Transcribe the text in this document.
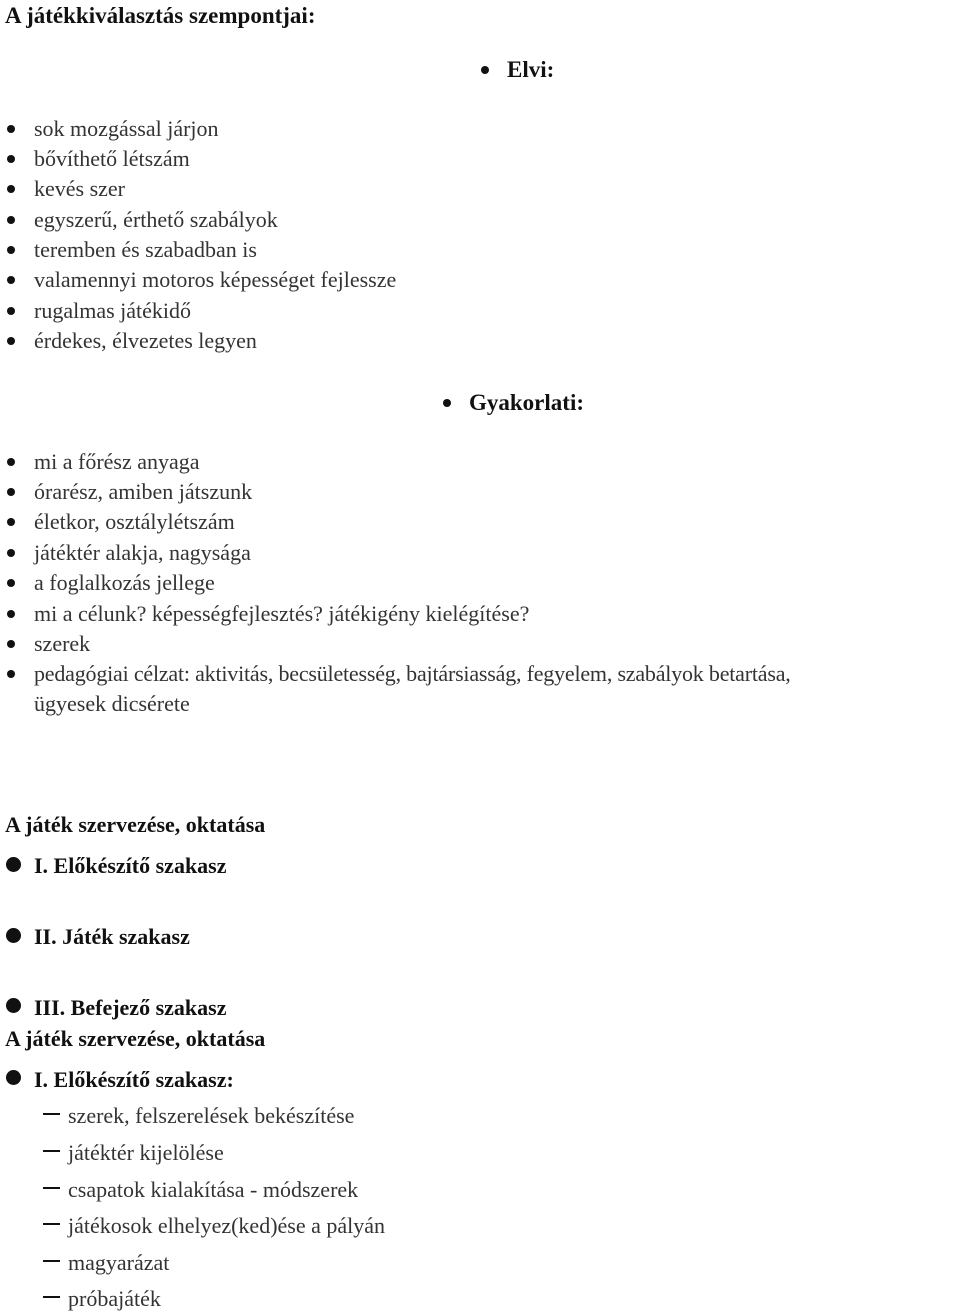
A játékkiválasztás szempontjai:
Elvi:
sok mozgással járjon
bővíthető létszám
kevés szer
egyszerű, érthető szabályok
teremben és szabadban is
valamennyi motoros képességet fejlessze
rugalmas játékidő
érdekes, élvezetes legyen
Gyakorlati:
mi a főrész anyaga
órarész, amiben játszunk
életkor, osztálylétszám
játéktér alakja, nagysága
a foglalkozás jellege
mi a célunk? képességfejlesztés? játékigény kielégítése?
szerek
pedagógiai célzat: aktivitás, becsületesség, bajtársiasság, fegyelem, szabályok betartása,
ügyesek dicsérete
A játék szervezése, oktatása
I. Előkészítő szakasz
II. Játék szakasz
III. Befejező szakasz
A játék szervezése, oktatása
I. Előkészítő szakasz:
szerek, felszerelések bekészítése
játéktér kijelölése
csapatok kialakítása - módszerek
játékosok elhelyez(ked)ése a pályán
magyarázat
próbajáték
